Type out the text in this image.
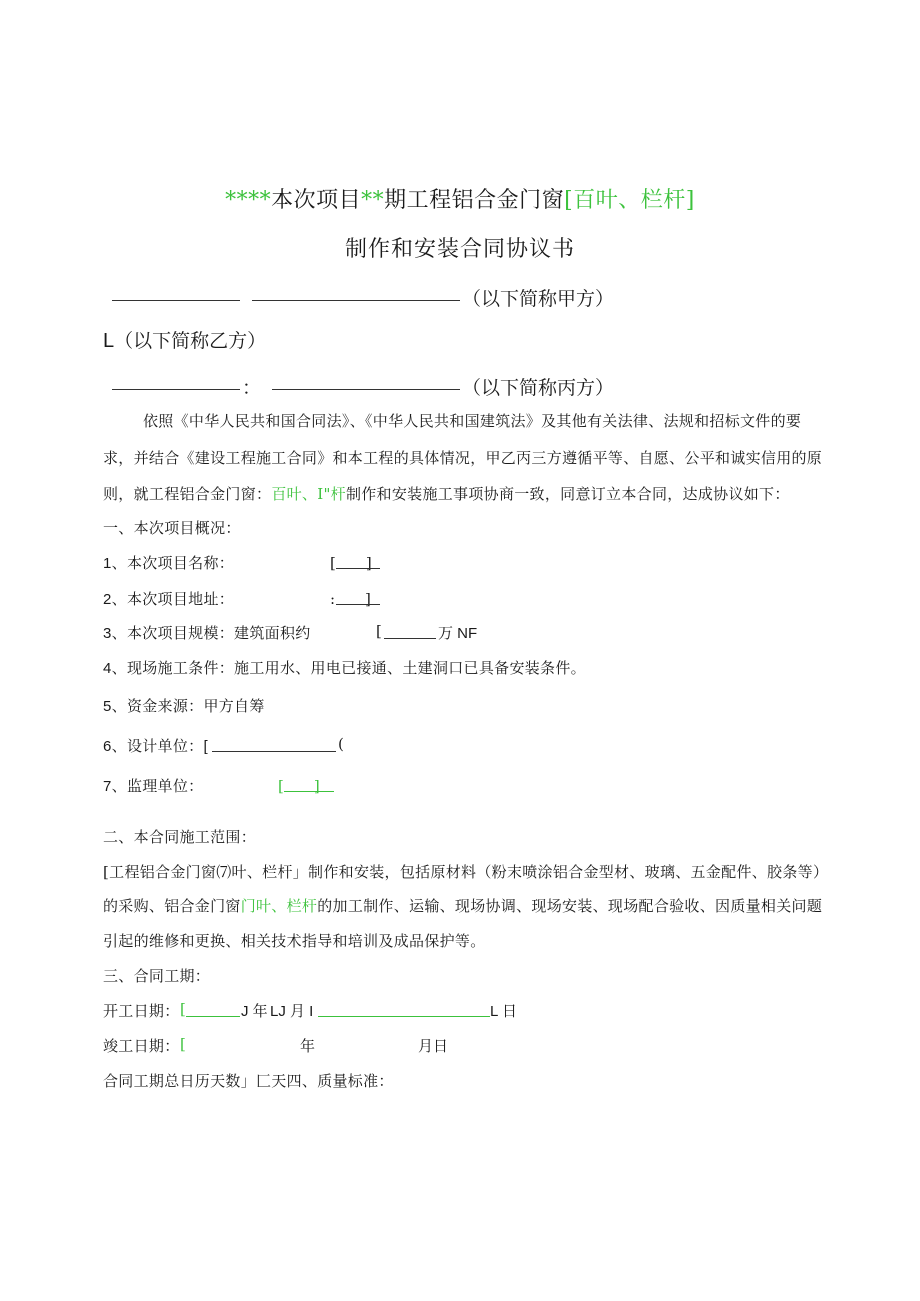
****本次项目**期工程铝合金门窗[百叶、栏杆]
制作和安装合同协议书
（以下简称甲方）
L（以下简称乙方）
：	（以下简称丙方）
依照《中华人民共和国合同法》、《中华人民共和国建筑法》及其他有关法律、法规和招标文件的要
求，并结合《建设工程施工合同》和本工程的具体情况，甲乙丙三方遵循平等、自愿、公平和诚实信用的原
则，就工程铝合金门窗：百叶、I"杆制作和安装施工事项协商一致，同意订立本合同，达成协议如下：
一、本次项目概况：
1、本次项目名称：	[　　]
2、本次项目地址：	:　　]
3、本次项目规模：建筑面积约	[	万 NF
4、现场施工条件：施工用水、用电已接通、土建洞口已具备安装条件。
5、资金来源：甲方自筹
6、设计单位：[	(
7、监理单位：	[　　]
二、本合同施工范围：
[工程铝合金门窗⑺叶、栏杆」制作和安装，包括原材料（粉末喷涂铝合金型材、玻璃、五金配件、胶条等）
的采购、铝合金门窗门叶、栏杆的加工制作、运输、现场协调、现场安装、现场配合验收、因质量相关问题
引起的维修和更换、相关技术指导和培训及成品保护等。
三、合同工期：
开工日期： [	J 年 LJ 月 I	L 日
竣工日期： [	年	月日
合同工期总日历天数」匚天四、质量标准：
